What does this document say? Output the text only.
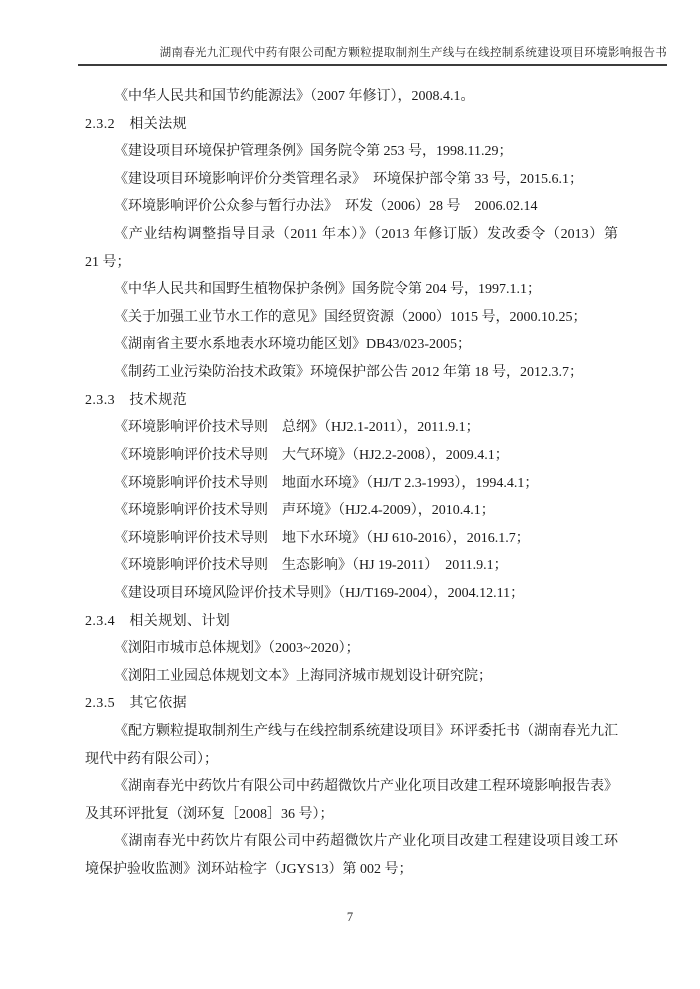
湖南春光九汇现代中药有限公司配方颗粒提取制剂生产线与在线控制系统建设项目环境影响报告书
《中华人民共和国节约能源法》（2007 年修订），2008.4.1。
2.3.2　相关法规
《建设项目环境保护管理条例》国务院令第 253 号，1998.11.29；
《建设项目环境影响评价分类管理名录》　环境保护部令第 33 号，2015.6.1；
《环境影响评价公众参与暂行办法》　环发（2006）28 号　2006.02.14
《产业结构调整指导目录（2011 年本）》（2013 年修订版）发改委令（2013）第
21 号；
《中华人民共和国野生植物保护条例》国务院令第 204 号，1997.1.1；
《关于加强工业节水工作的意见》国经贸资源（2000）1015 号，2000.10.25；
《湖南省主要水系地表水环境功能区划》DB43/023-2005；
《制药工业污染防治技术政策》环境保护部公告 2012 年第 18 号，2012.3.7；
2.3.3　技术规范
《环境影响评价技术导则　总纲》（HJ2.1-2011），2011.9.1；
《环境影响评价技术导则　大气环境》（HJ2.2-2008），2009.4.1；
《环境影响评价技术导则　地面水环境》（HJ/T 2.3-1993），1994.4.1；
《环境影响评价技术导则　声环境》（HJ2.4-2009），2010.4.1；
《环境影响评价技术导则　地下水环境》（HJ 610-2016），2016.1.7；
《环境影响评价技术导则　生态影响》（HJ 19-2011）　2011.9.1；
《建设项目环境风险评价技术导则》（HJ/T169-2004），2004.12.11；
2.3.4　相关规划、计划
《浏阳市城市总体规划》（2003~2020）；
《浏阳工业园总体规划文本》上海同济城市规划设计研究院；
2.3.5　其它依据
《配方颗粒提取制剂生产线与在线控制系统建设项目》环评委托书（湖南春光九汇
现代中药有限公司）；
《湖南春光中药饮片有限公司中药超微饮片产业化项目改建工程环境影响报告表》
及其环评批复（浏环复［2008］36 号）；
《湖南春光中药饮片有限公司中药超微饮片产业化项目改建工程建设项目竣工环
境保护验收监测》浏环站检字（JGYS13）第 002 号；
7
